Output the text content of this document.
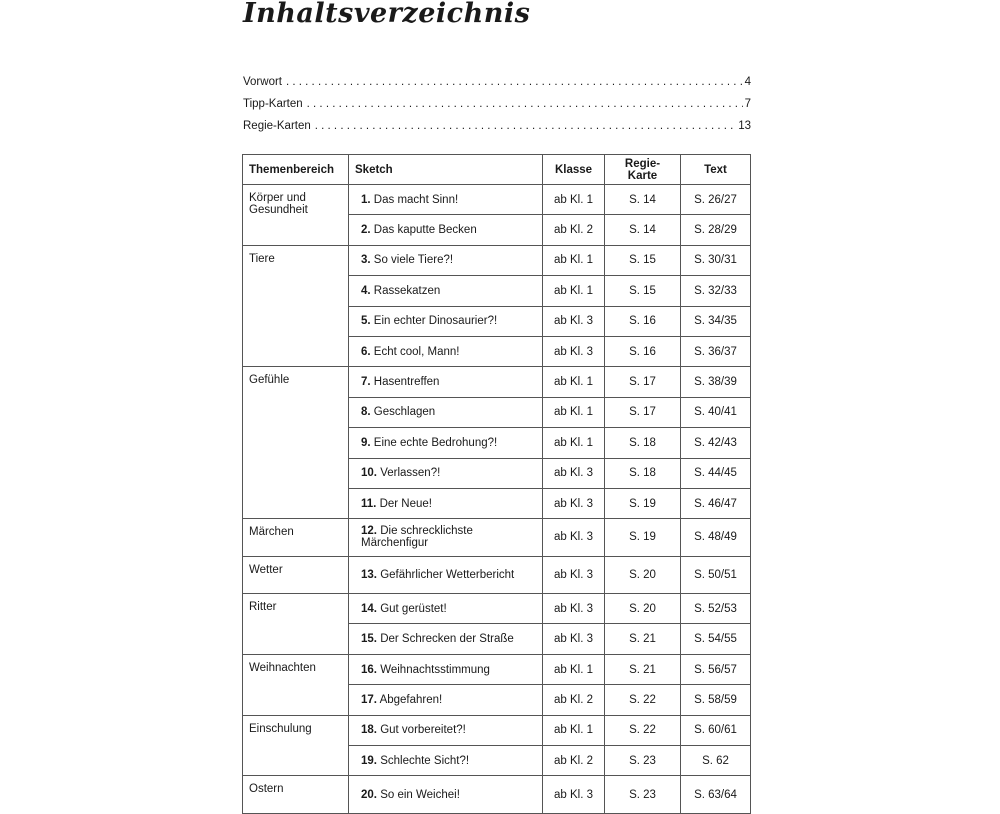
Inhaltsverzeichnis
Vorwort . . .	4
Tipp-Karten . . .	7
Regie-Karten . . .	13
Themenbereich	Sketch	Klasse	Regie-Karte	Text
Körper und Gesundheit	1. Das macht Sinn!	ab Kl. 1	S. 14	S. 26/27
	2. Das kaputte Becken	ab Kl. 2	S. 14	S. 28/29
Tiere	3. So viele Tiere?!	ab Kl. 1	S. 15	S. 30/31
	4. Rassekatzen	ab Kl. 1	S. 15	S. 32/33
	5. Ein echter Dinosaurier?!	ab Kl. 3	S. 16	S. 34/35
	6. Echt cool, Mann!	ab Kl. 3	S. 16	S. 36/37
Gefühle	7. Hasentreffen	ab Kl. 1	S. 17	S. 38/39
	8. Geschlagen	ab Kl. 1	S. 17	S. 40/41
	9. Eine echte Bedrohung?!	ab Kl. 1	S. 18	S. 42/43
	10. Verlassen?!	ab Kl. 3	S. 18	S. 44/45
	11. Der Neue!	ab Kl. 3	S. 19	S. 46/47
Märchen	12. Die schrecklichste Märchenfigur	ab Kl. 3	S. 19	S. 48/49
Wetter	13. Gefährlicher Wetterbericht	ab Kl. 3	S. 20	S. 50/51
Ritter	14. Gut gerüstet!	ab Kl. 3	S. 20	S. 52/53
	15. Der Schrecken der Straße	ab Kl. 3	S. 21	S. 54/55
Weihnachten	16. Weihnachtsstimmung	ab Kl. 1	S. 21	S. 56/57
	17. Abgefahren!	ab Kl. 2	S. 22	S. 58/59
Einschulung	18. Gut vorbereitet?!	ab Kl. 1	S. 22	S. 60/61
	19. Schlechte Sicht?!	ab Kl. 2	S. 23	S. 62
Ostern	20. So ein Weichei!	ab Kl. 3	S. 23	S. 63/64
